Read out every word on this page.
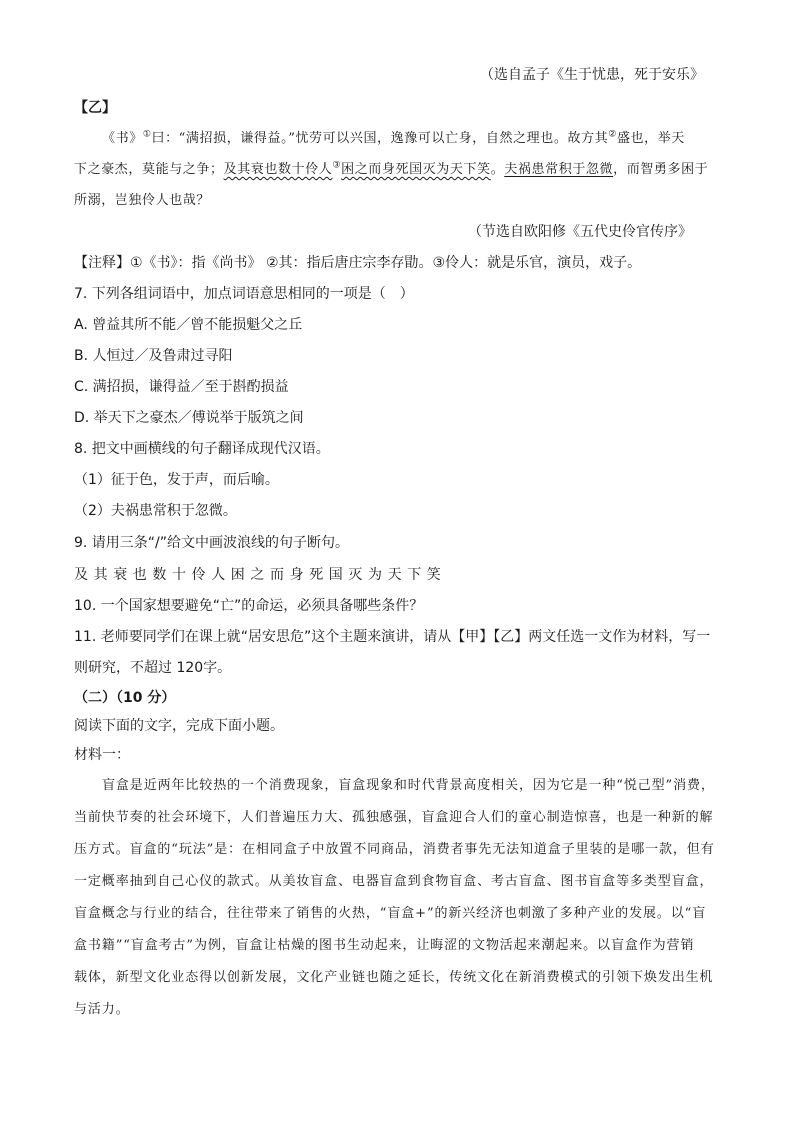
（选自孟子《生于忧患，死于安乐》
【乙】
《书》①曰：“满招损，谦得益。”忧劳可以兴国，逸豫可以亡身，自然之理也。故方其②盛也，举天
下之豪杰，莫能与之争；及其衰也数十伶人③困之而身死国灭为天下笑。夫祸患常积于忽微，而智勇多困于
所溺，岂独伶人也哉？
（节选自欧阳修《五代史伶官传序》
【注释】①《书》：指《尚书》 ②其：指后唐庄宗李存勖。③伶人：就是乐官，演员，戏子。
7. 下列各组词语中，加点词语意思相同的一项是（　）
A. 曾益其所不能／曾不能损魁父之丘
B. 人恒过／及鲁肃过寻阳
C. 满招损，谦得益／至于斟酌损益
D. 举天下之豪杰／傅说举于版筑之间
8. 把文中画横线的句子翻译成现代汉语。
（1）征于色，发于声，而后喻。
（2）夫祸患常积于忽微。
9. 请用三条“/”给文中画波浪线的句子断句。
及其衰也数十伶人困之而身死国灭为天下笑
10. 一个国家想要避免“亡”的命运，必须具备哪些条件？
11. 老师要同学们在课上就“居安思危”这个主题来演讲，请从【甲】【乙】两文任选一文作为材料，写一
则研究，不超过 120字。
（二）（10 分）
阅读下面的文字，完成下面小题。
材料一：
盲盒是近两年比较热的一个消费现象，盲盒现象和时代背景高度相关，因为它是一种“悦己型”消费，
当前快节奏的社会环境下，人们普遍压力大、孤独感强，盲盒迎合人们的童心制造惊喜，也是一种新的解
压方式。盲盒的“玩法”是：在相同盒子中放置不同商品，消费者事先无法知道盒子里装的是哪一款，但有
一定概率抽到自己心仪的款式。从美妆盲盒、电器盲盒到食物盲盒、考古盲盒、图书盲盒等多类型盲盒，
盲盒概念与行业的结合，往往带来了销售的火热，“盲盒+”的新兴经济也刺激了多种产业的发展。以“盲
盒书籍”“盲盒考古”为例，盲盒让枯燥的图书生动起来，让晦涩的文物活起来潮起来。以盲盒作为营销
载体，新型文化业态得以创新发展，文化产业链也随之延长，传统文化在新消费模式的引领下焕发出生机
与活力。
